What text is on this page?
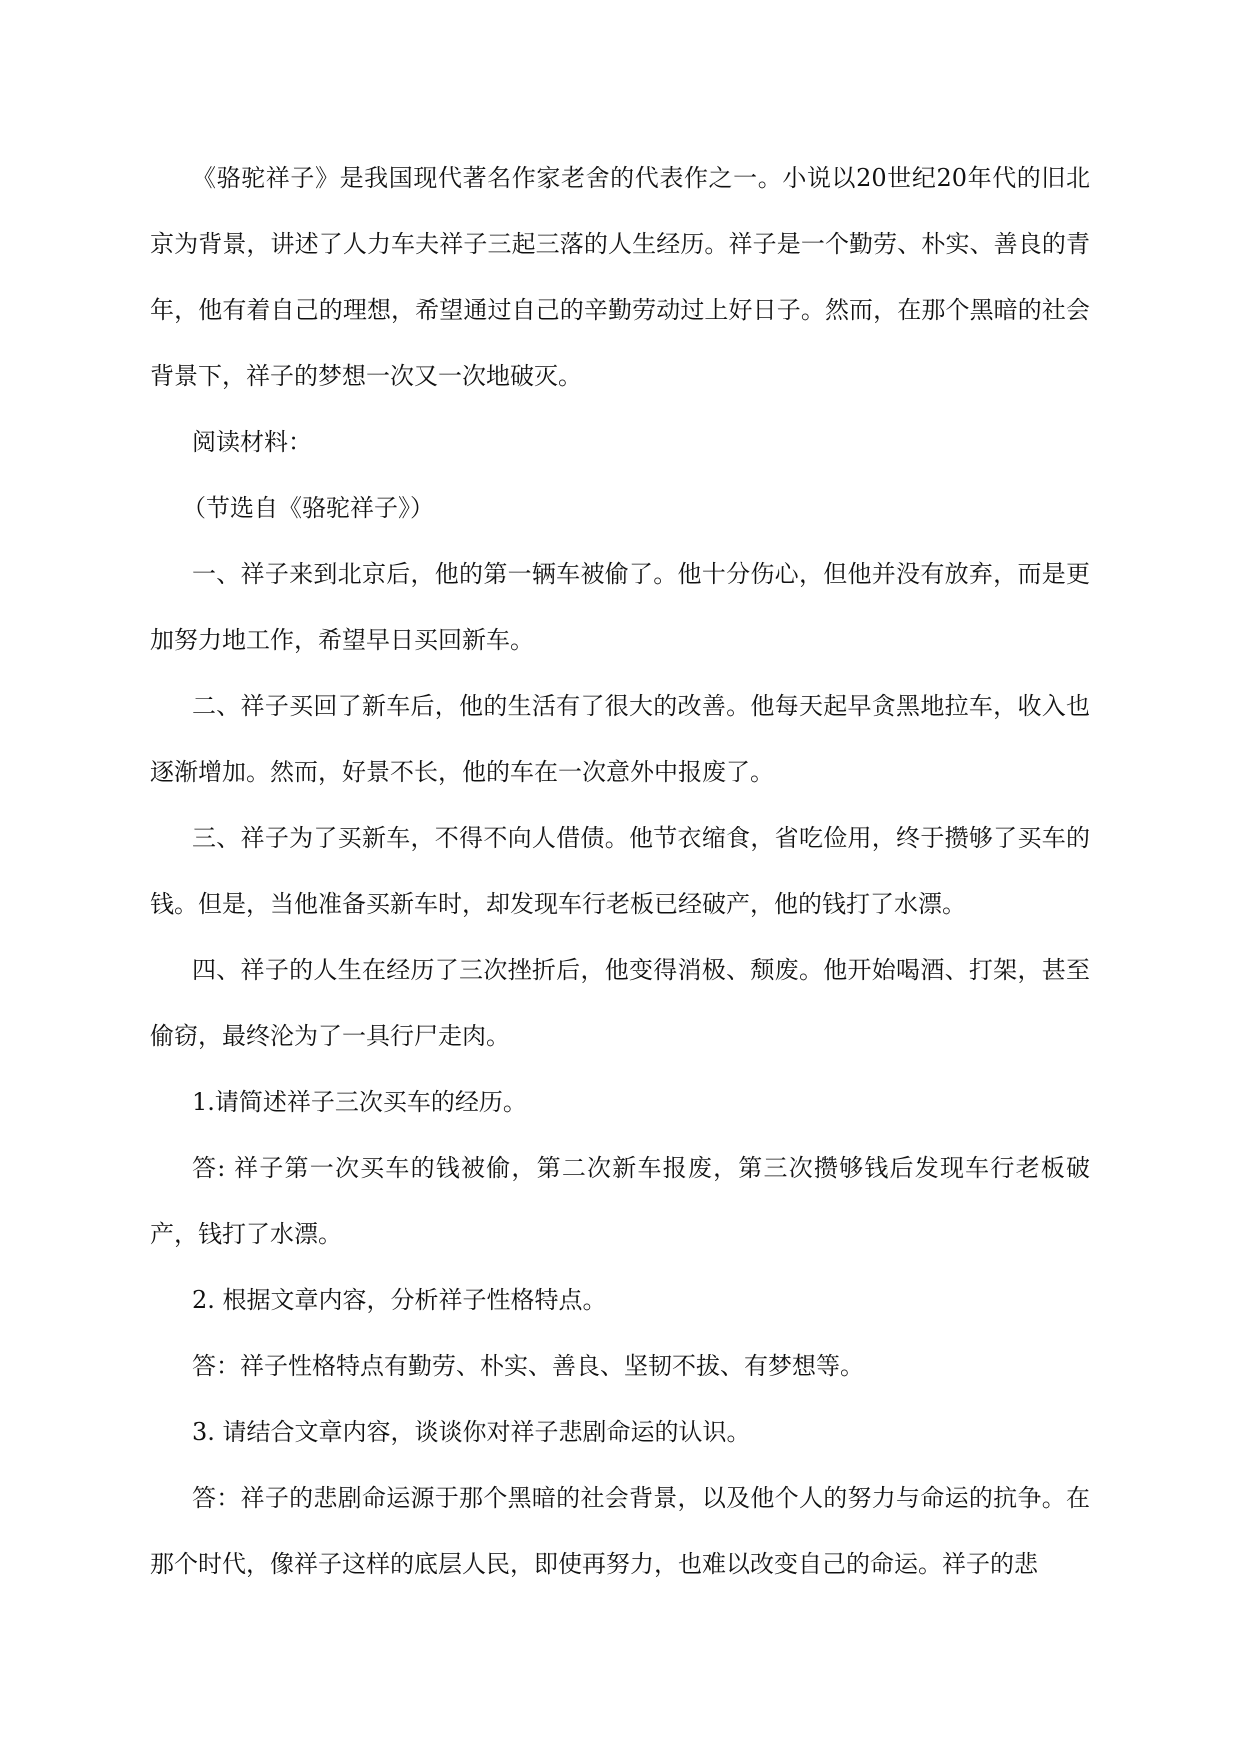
《骆驼祥子》是我国现代著名作家老舍的代表作之一。小说以20世纪20年代的旧北京为背景，讲述了人力车夫祥子三起三落的人生经历。祥子是一个勤劳、朴实、善良的青年，他有着自己的理想，希望通过自己的辛勤劳动过上好日子。然而，在那个黑暗的社会背景下，祥子的梦想一次又一次地破灭。

阅读材料：

（节选自《骆驼祥子》）

一、祥子来到北京后，他的第一辆车被偷了。他十分伤心，但他并没有放弃，而是更加努力地工作，希望早日买回新车。

二、祥子买回了新车后，他的生活有了很大的改善。他每天起早贪黑地拉车，收入也逐渐增加。然而，好景不长，他的车在一次意外中报废了。

三、祥子为了买新车，不得不向人借债。他节衣缩食，省吃俭用，终于攒够了买车的钱。但是，当他准备买新车时，却发现车行老板已经破产，他的钱打了水漂。

四、祥子的人生在经历了三次挫折后，他变得消极、颓废。他开始喝酒、打架，甚至偷窃，最终沦为了一具行尸走肉。

1.请简述祥子三次买车的经历。

答: 祥子第一次买车的钱被偷，第二次新车报废，第三次攒够钱后发现车行老板破产，钱打了水漂。

2. 根据文章内容，分析祥子性格特点。

答：祥子性格特点有勤劳、朴实、善良、坚韧不拔、有梦想等。

3. 请结合文章内容，谈谈你对祥子悲剧命运的认识。

答：祥子的悲剧命运源于那个黑暗的社会背景，以及他个人的努力与命运的抗争。在那个时代，像祥子这样的底层人民，即使再努力，也难以改变自己的命运。祥子的悲
